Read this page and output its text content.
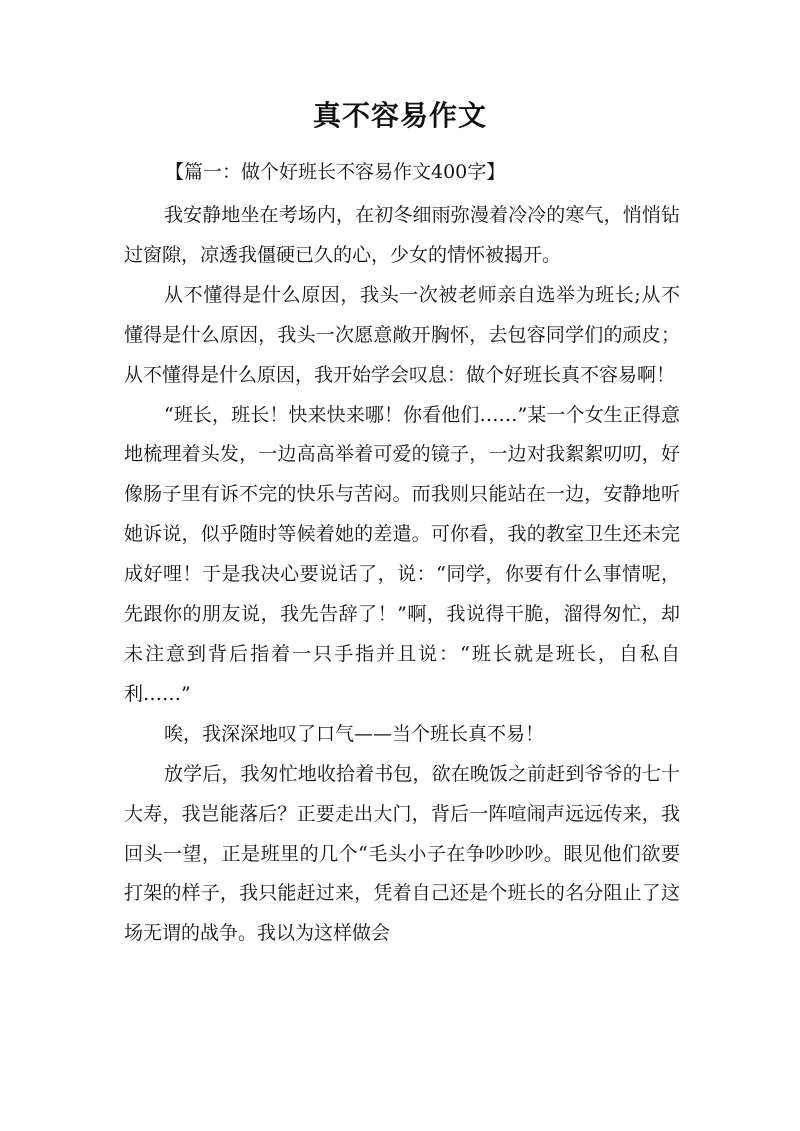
真不容易作文
【篇一：做个好班长不容易作文400字】

我安静地坐在考场内，在初冬细雨弥漫着冷冷的寒气，悄悄钻过窗隙，凉透我僵硬已久的心，少女的情怀被揭开。

从不懂得是什么原因，我头一次被老师亲自选举为班长;从不懂得是什么原因，我头一次愿意敞开胸怀，去包容同学们的顽皮；从不懂得是什么原因，我开始学会叹息：做个好班长真不容易啊！

“班长，班长！快来快来哪！你看他们……”某一个女生正得意地梳理着头发，一边高高举着可爱的镜子，一边对我絮絮叨叨，好像肠子里有诉不完的快乐与苦闷。而我则只能站在一边，安静地听她诉说，似乎随时等候着她的差遣。可你看，我的教室卫生还未完成好哩！于是我决心要说话了，说：“同学，你要有什么事情呢，先跟你的朋友说，我先告辞了！”啊，我说得干脆，溜得匆忙，却未注意到背后指着一只手指并且说：“班长就是班长，自私自利……”

唉，我深深地叹了口气——当个班长真不易！

放学后，我匆忙地收拾着书包，欲在晚饭之前赶到爷爷的七十大寿，我岂能落后？正要走出大门，背后一阵喧闹声远远传来，我回头一望，正是班里的几个“毛头小子在争吵吵吵。眼见他们欲要打架的样子，我只能赶过来，凭着自己还是个班长的名分阻止了这场无谓的战争。我以为这样做会
